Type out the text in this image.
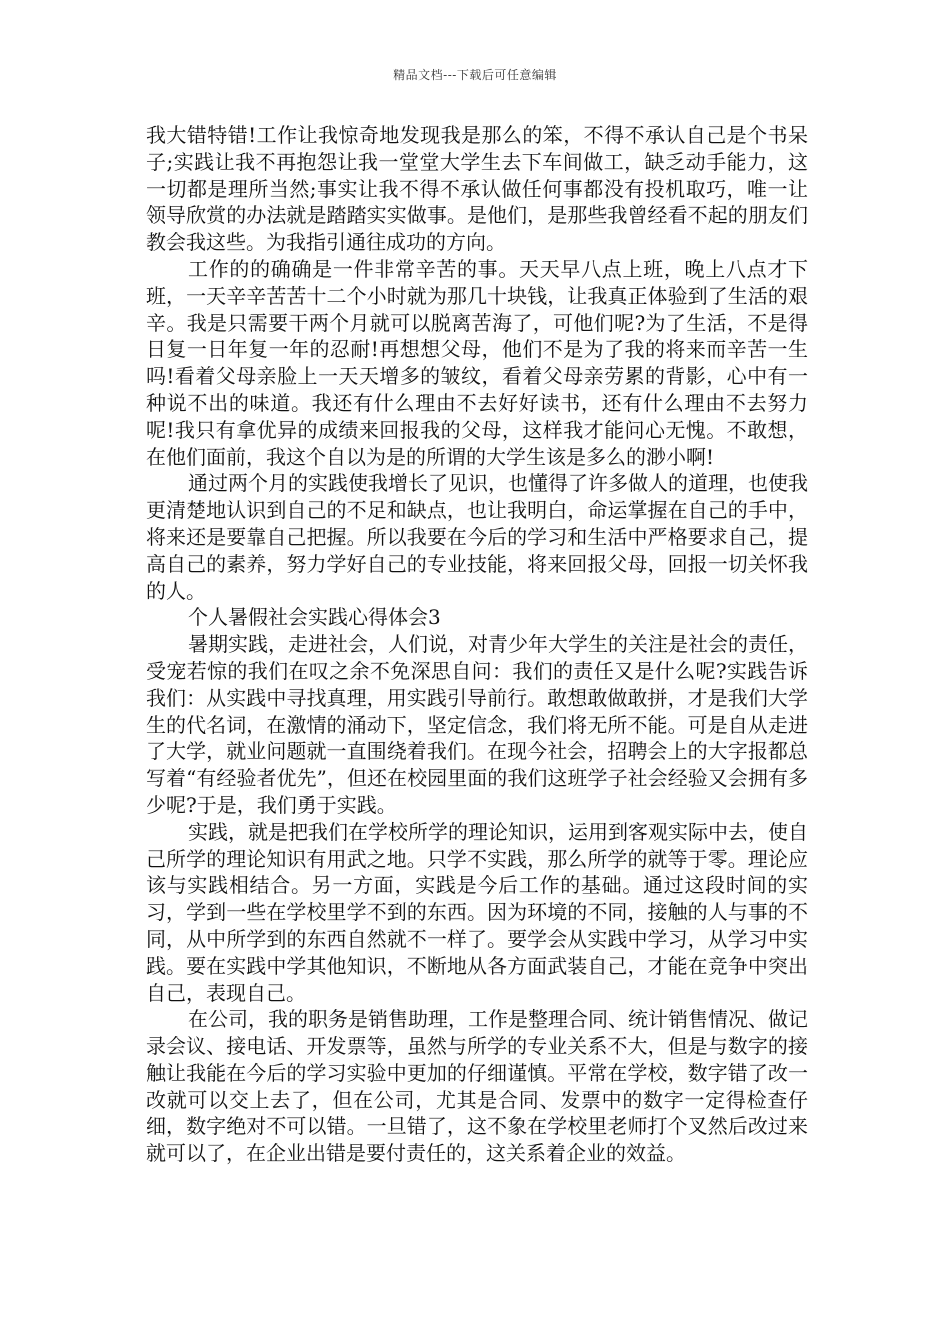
精品文档---下载后可任意编辑

我大错特错!工作让我惊奇地发现我是那么的笨，不得不承认自己是个书呆子;实践让我不再抱怨让我一堂堂大学生去下车间做工，缺乏动手能力，这一切都是理所当然;事实让我不得不承认做任何事都没有投机取巧，唯一让领导欣赏的办法就是踏踏实实做事。是他们，是那些我曾经看不起的朋友们教会我这些。为我指引通往成功的方向。

工作的的确确是一件非常辛苦的事。天天早八点上班，晚上八点才下班，一天辛辛苦苦十二个小时就为那几十块钱，让我真正体验到了生活的艰辛。我是只需要干两个月就可以脱离苦海了，可他们呢?为了生活，不是得日复一日年复一年的忍耐!再想想父母，他们不是为了我的将来而辛苦一生吗!看着父母亲脸上一天天增多的皱纹，看着父母亲劳累的背影，心中有一种说不出的味道。我还有什么理由不去好好读书，还有什么理由不去努力呢!我只有拿优异的成绩来回报我的父母，这样我才能问心无愧。不敢想，在他们面前，我这个自以为是的所谓的大学生该是多么的渺小啊!

通过两个月的实践使我增长了见识，也懂得了许多做人的道理，也使我更清楚地认识到自己的不足和缺点，也让我明白，命运掌握在自己的手中，将来还是要靠自己把握。所以我要在今后的学习和生活中严格要求自己，提高自己的素养，努力学好自己的专业技能，将来回报父母，回报一切关怀我的人。

个人暑假社会实践心得体会3

暑期实践，走进社会，人们说，对青少年大学生的关注是社会的责任，受宠若惊的我们在叹之余不免深思自问：我们的责任又是什么呢?实践告诉我们：从实践中寻找真理，用实践引导前行。敢想敢做敢拼，才是我们大学生的代名词，在激情的涌动下，坚定信念，我们将无所不能。可是自从走进了大学，就业问题就一直围绕着我们。在现今社会，招聘会上的大字报都总写着“有经验者优先”，但还在校园里面的我们这班学子社会经验又会拥有多少呢?于是，我们勇于实践。

实践，就是把我们在学校所学的理论知识，运用到客观实际中去，使自己所学的理论知识有用武之地。只学不实践，那么所学的就等于零。理论应该与实践相结合。另一方面，实践是今后工作的基础。通过这段时间的实习，学到一些在学校里学不到的东西。因为环境的不同，接触的人与事的不同，从中所学到的东西自然就不一样了。要学会从实践中学习，从学习中实践。要在实践中学其他知识，不断地从各方面武装自己，才能在竞争中突出自己，表现自己。

在公司，我的职务是销售助理，工作是整理合同、统计销售情况、做记录会议、接电话、开发票等，虽然与所学的专业关系不大，但是与数字的接触让我能在今后的学习实验中更加的仔细谨慎。平常在学校，数字错了改一改就可以交上去了，但在公司，尤其是合同、发票中的数字一定得检查仔细，数字绝对不可以错。一旦错了，这不象在学校里老师打个叉然后改过来就可以了，在企业出错是要付责任的，这关系着企业的效益。
